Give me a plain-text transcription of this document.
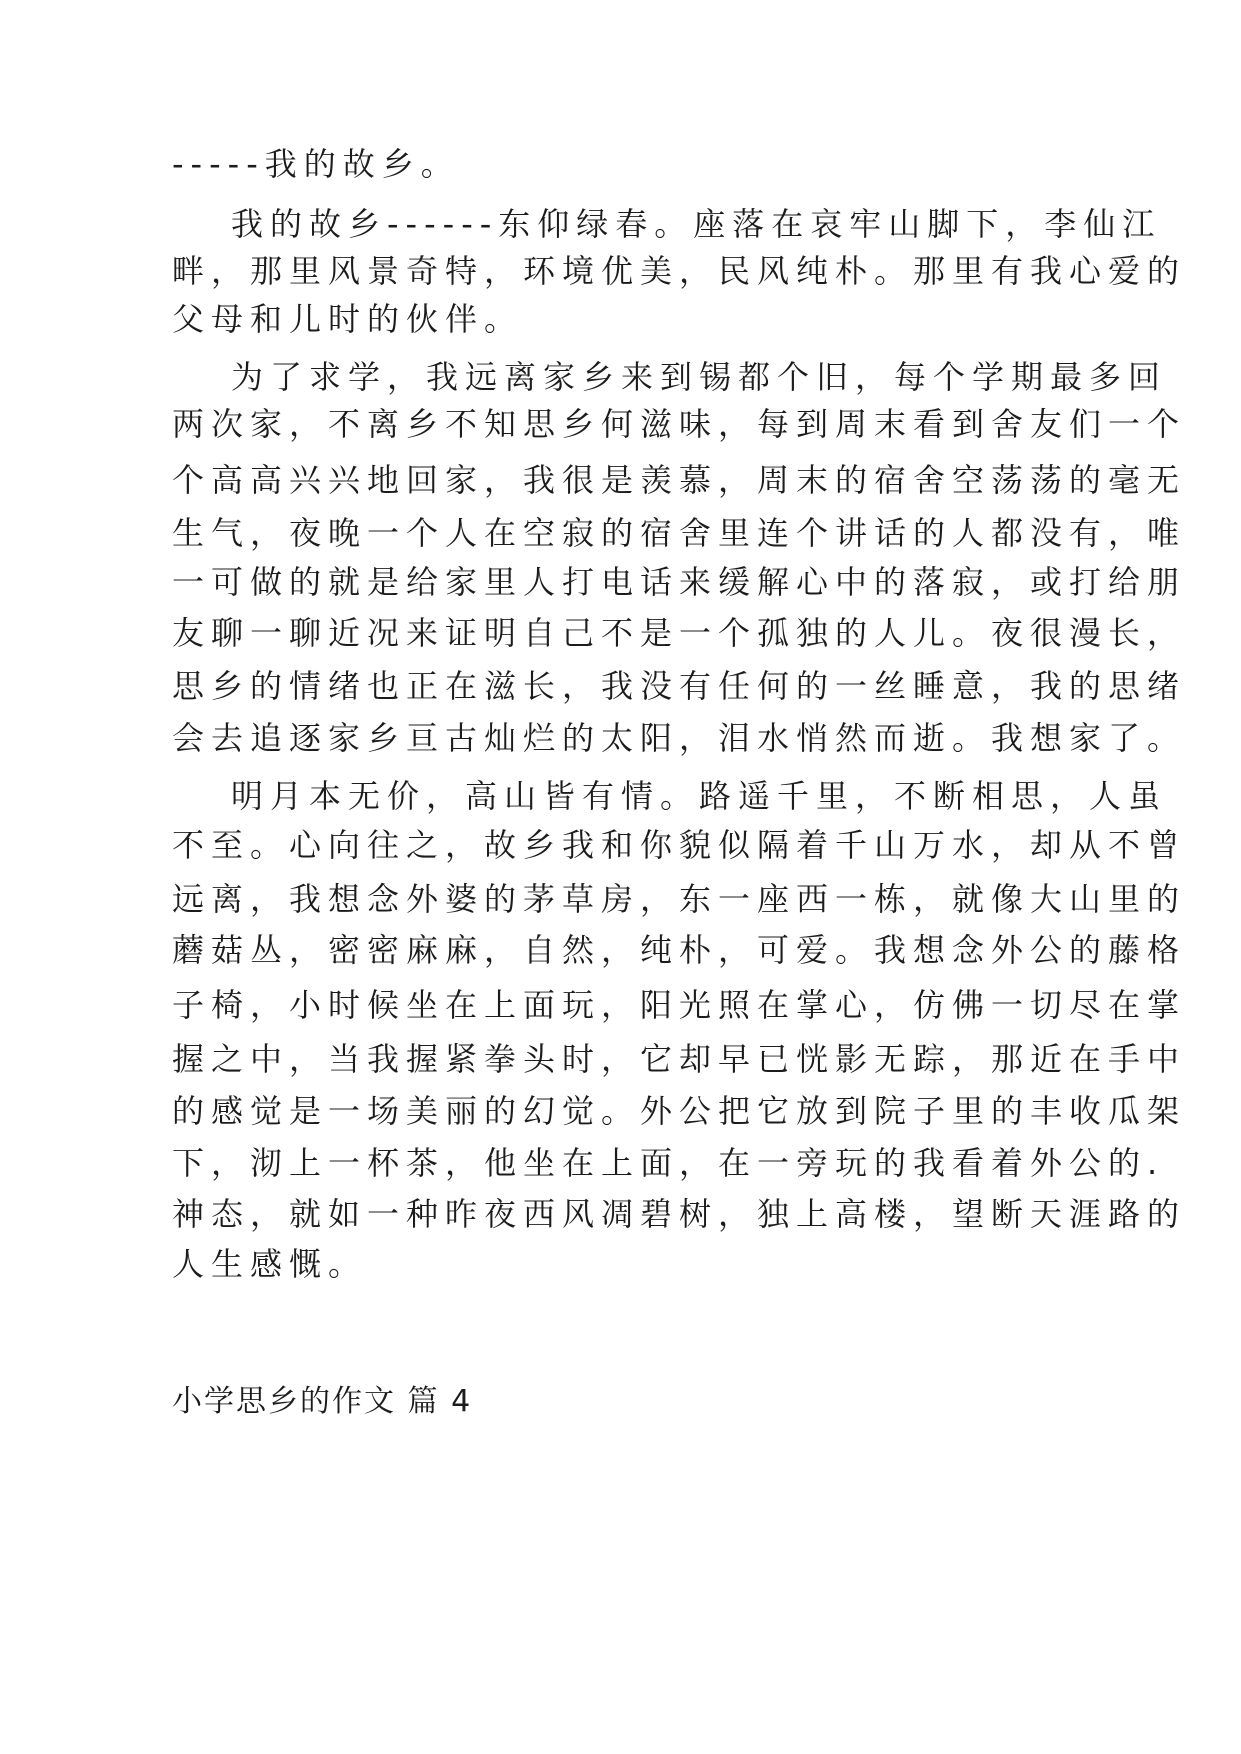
-----我的故乡。
我的故乡------东仰绿春。座落在哀牢山脚下，李仙江
畔，那里风景奇特，环境优美，民风纯朴。那里有我心爱的
父母和儿时的伙伴。
为了求学，我远离家乡来到锡都个旧，每个学期最多回
两次家，不离乡不知思乡何滋味，每到周末看到舍友们一个
个高高兴兴地回家，我很是羡慕，周末的宿舍空荡荡的毫无
生气，夜晚一个人在空寂的宿舍里连个讲话的人都没有，唯
一可做的就是给家里人打电话来缓解心中的落寂，或打给朋
友聊一聊近况来证明自己不是一个孤独的人儿。夜很漫长，
思乡的情绪也正在滋长，我没有任何的一丝睡意，我的思绪
会去追逐家乡亘古灿烂的太阳，泪水悄然而逝。我想家了。
明月本无价，高山皆有情。路遥千里，不断相思，人虽
不至。心向往之，故乡我和你貌似隔着千山万水，却从不曾
远离，我想念外婆的茅草房，东一座西一栋，就像大山里的
蘑菇丛，密密麻麻，自然，纯朴，可爱。我想念外公的藤格
子椅，小时候坐在上面玩，阳光照在掌心，仿佛一切尽在掌
握之中，当我握紧拳头时，它却早已恍影无踪，那近在手中
的感觉是一场美丽的幻觉。外公把它放到院子里的丰收瓜架
下，沏上一杯茶，他坐在上面，在一旁玩的我看着外公的.
神态，就如一种昨夜西风凋碧树，独上高楼，望断天涯路的
人生感慨。
小学思乡的作文 篇 4
